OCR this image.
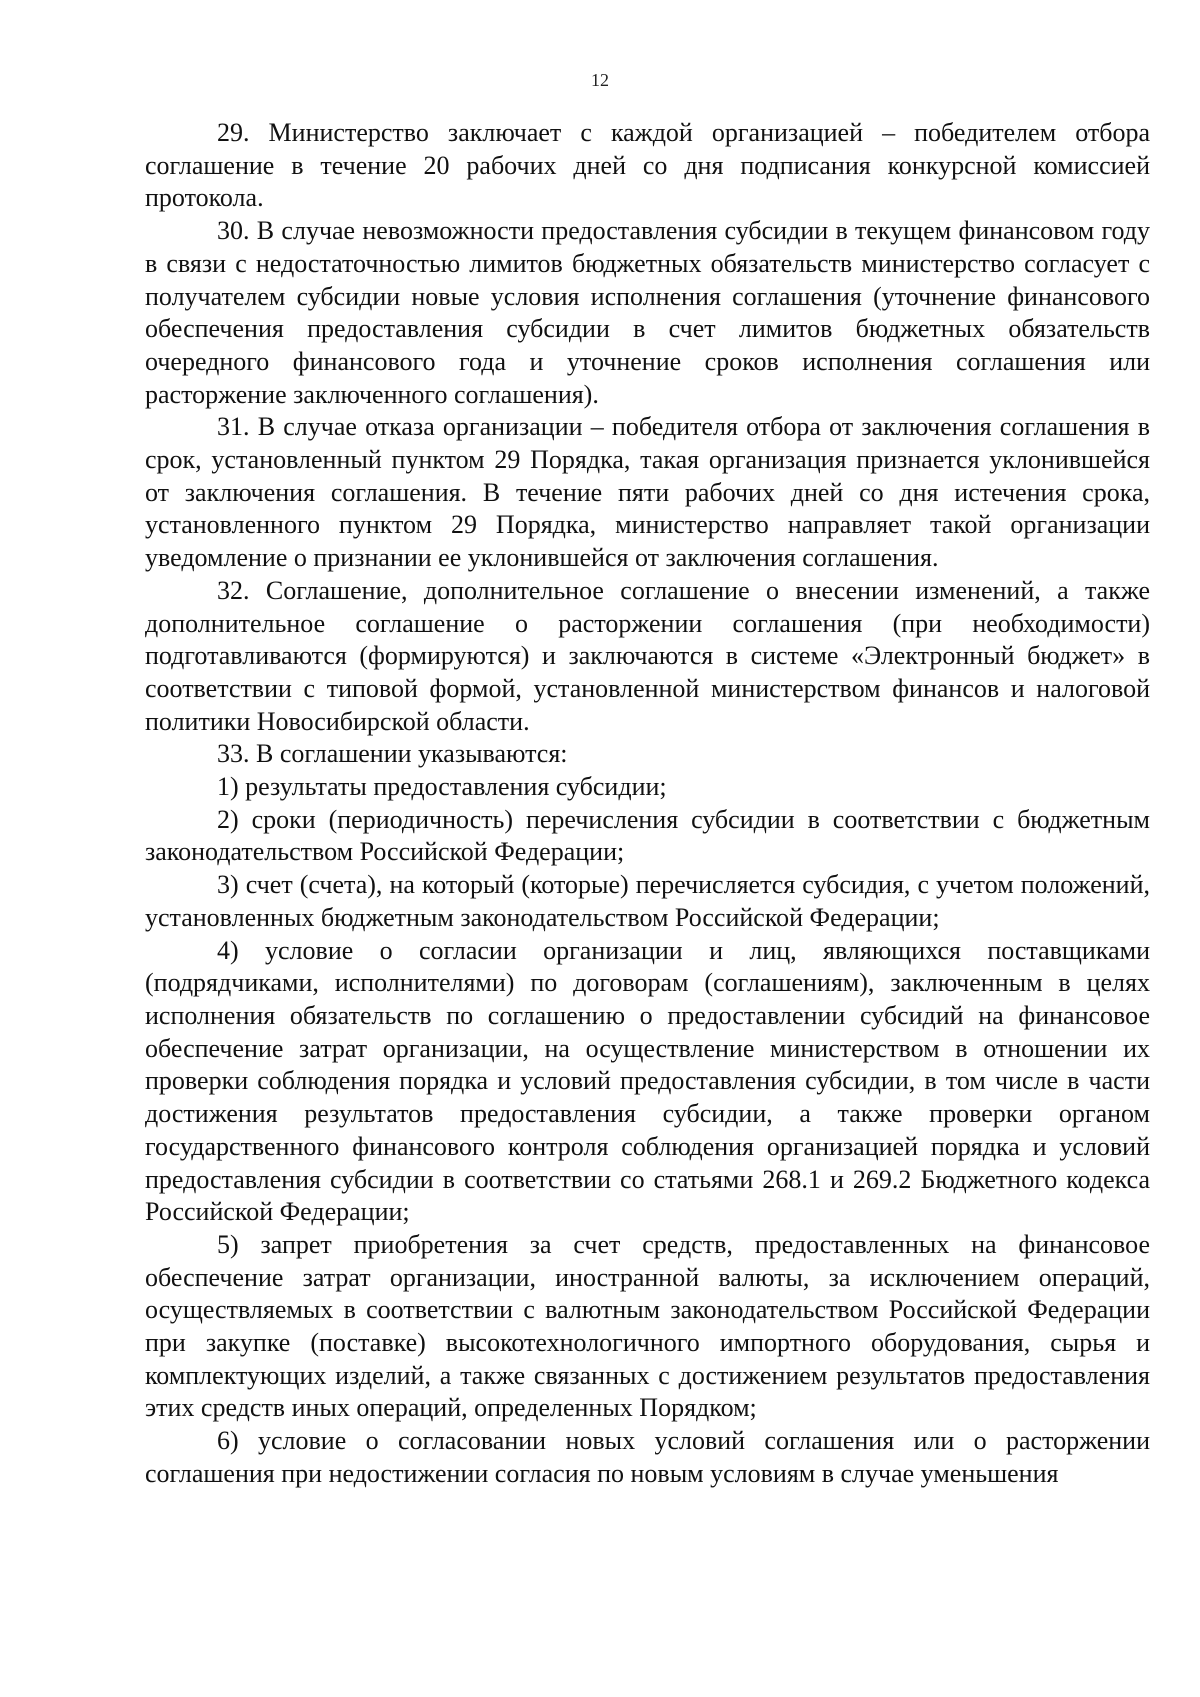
12

29. Министерство заключает с каждой организацией – победителем отбора соглашение в течение 20 рабочих дней со дня подписания конкурсной комиссией протокола.

30. В случае невозможности предоставления субсидии в текущем финансовом году в связи с недостаточностью лимитов бюджетных обязательств министерство согласует с получателем субсидии новые условия исполнения соглашения (уточнение финансового обеспечения предоставления субсидии в счет лимитов бюджетных обязательств очередного финансового года и уточнение сроков исполнения соглашения или расторжение заключенного соглашения).

31. В случае отказа организации – победителя отбора от заключения соглашения в срок, установленный пунктом 29 Порядка, такая организация признается уклонившейся от заключения соглашения. В течение пяти рабочих дней со дня истечения срока, установленного пунктом 29 Порядка, министерство направляет такой организации уведомление о признании ее уклонившейся от заключения соглашения.

32. Соглашение, дополнительное соглашение о внесении изменений, а также дополнительное соглашение о расторжении соглашения (при необходимости) подготавливаются (формируются) и заключаются в системе «Электронный бюджет» в соответствии с типовой формой, установленной министерством финансов и налоговой политики Новосибирской области.

33. В соглашении указываются:

1) результаты предоставления субсидии;

2) сроки (периодичность) перечисления субсидии в соответствии с бюджетным законодательством Российской Федерации;

3) счет (счета), на который (которые) перечисляется субсидия, с учетом положений, установленных бюджетным законодательством Российской Федерации;

4) условие о согласии организации и лиц, являющихся поставщиками (подрядчиками, исполнителями) по договорам (соглашениям), заключенным в целях исполнения обязательств по соглашению о предоставлении субсидий на финансовое обеспечение затрат организации, на осуществление министерством в отношении их проверки соблюдения порядка и условий предоставления субсидии, в том числе в части достижения результатов предоставления субсидии, а также проверки органом государственного финансового контроля соблюдения организацией порядка и условий предоставления субсидии в соответствии со статьями 268.1 и 269.2 Бюджетного кодекса Российской Федерации;

5) запрет приобретения за счет средств, предоставленных на финансовое обеспечение затрат организации, иностранной валюты, за исключением операций, осуществляемых в соответствии с валютным законодательством Российской Федерации при закупке (поставке) высокотехнологичного импортного оборудования, сырья и комплектующих изделий, а также связанных с достижением результатов предоставления этих средств иных операций, определенных Порядком;

6) условие о согласовании новых условий соглашения или о расторжении соглашения при недостижении согласия по новым условиям в случае уменьшения
